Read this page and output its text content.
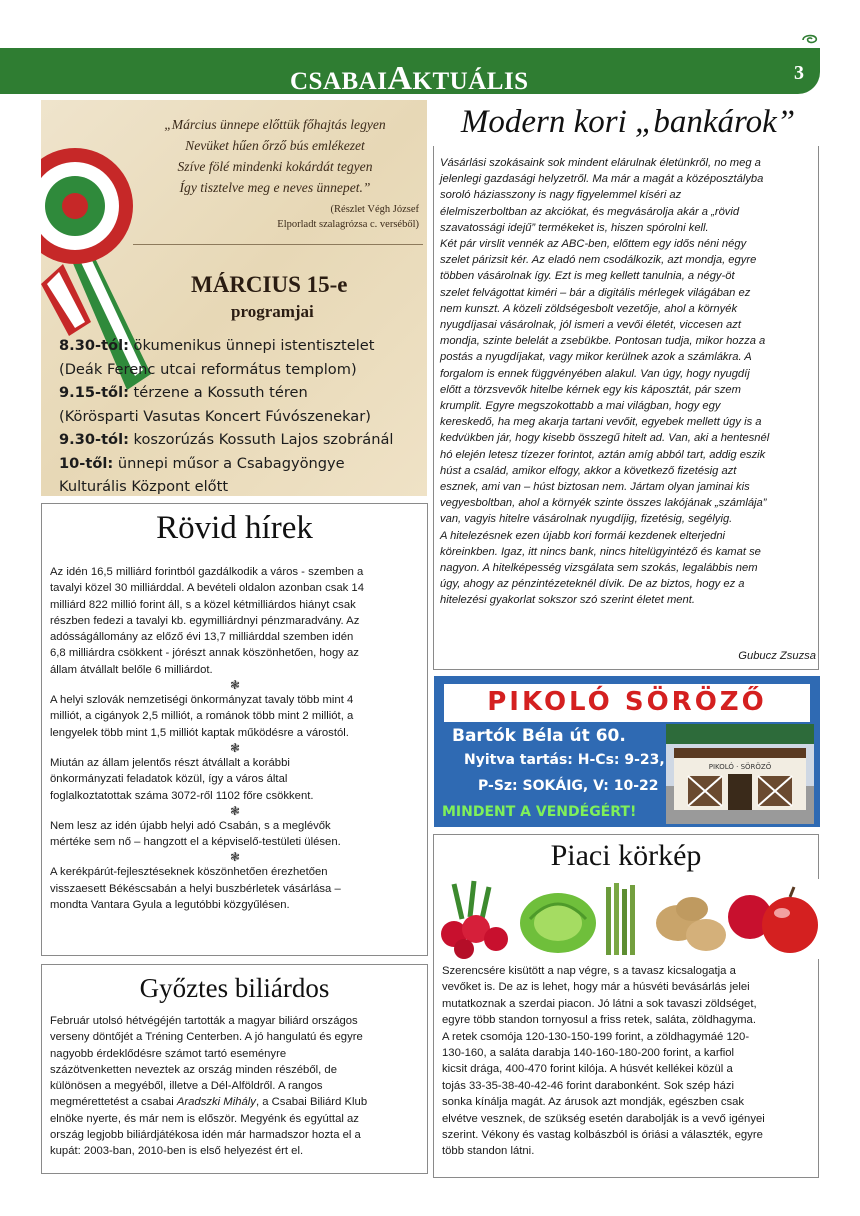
CSABAIAKTUÁLIS	3
„Március ünnepe előttük főhajtás legyen
Nevüket hűen őrző bús emlékezet
Szíve fölé mindenki kokárdát tegyen
Így tisztelve meg e neves ünnepet.”
(Részlet Végh József
Elporladt szalagrózsa c. verséből)
MÁRCIUS 15-e
programjai
8.30-tól: ökumenikus ünnepi istentisztelet
(Deák Ferenc utcai református templom)
9.15-től: térzene a Kossuth téren
(Körösparti Vasutas Koncert Fúvószenekar)
9.30-tól: koszorúzás Kossuth Lajos szobránál
10-től: ünnepi műsor a Csabagyöngye
Kulturális Központ előtt
Rövid hírek
Az idén 16,5 milliárd forintból gazdálkodik a város - szemben a
tavalyi közel 30 milliárddal. A bevételi oldalon azonban csak 14
milliárd 822 millió forint áll, s a közel kétmilliárdos hiányt csak
részben fedezi a tavalyi kb. egymilliárdnyi pénzmaradvány. Az
adósságállomány az előző évi 13,7 milliárddal szemben idén
6,8 milliárdra csökkent - jórészt annak köszönhetően, hogy az
állam átvállalt belőle 6 milliárdot.
❃
A helyi szlovák nemzetiségi önkormányzat tavaly több mint 4
milliót, a cigányok 2,5 milliót, a románok több mint 2 milliót, a
lengyelek több mint 1,5 milliót kaptak működésre a várostól.
❃
Miután az állam jelentős részt átvállalt a korábbi
önkormányzati feladatok közül, így a város által
foglalkoztatottak száma 3072-ről 1102 főre csökkent.
❃
Nem lesz az idén újabb helyi adó Csabán, s a meglévők
mértéke sem nő – hangzott el a képviselő-testületi ülésen.
❃
A kerékpárút-fejlesztéseknek köszönhetően érezhetően
visszaesett Békéscsabán a helyi buszbérletek vásárlása –
mondta Vantara Gyula a legutóbbi közgyűlésen.
Győztes biliárdos
Február utolsó hétvégéjén tartották a magyar biliárd országos
verseny döntőjét a Tréning Centerben. A jó hangulatú és egyre
nagyobb érdeklődésre számot tartó eseményre
százötvenketten neveztek az ország minden részéből, de
különösen a megyéből, illetve a Dél-Alföldről. A rangos
megmérettetést a csabai Aradszki Mihály, a Csabai Biliárd Klub
elnöke nyerte, és már nem is először. Megyénk és egyúttal az
ország legjobb biliárdjátékosa idén már harmadszor hozta el a
kupát: 2003-ban, 2010-ben is első helyezést ért el.
Modern kori „bankárok”
Vásárlási szokásaink sok mindent elárulnak életünkről, no meg a
jelenlegi gazdasági helyzetről. Ma már a magát a középosztályba
soroló háziasszony is nagy figyelemmel kíséri az
élelmiszerboltban az akciókat, és megvásárolja akár a „rövid
szavatossági idejű” termékeket is, hiszen spórolni kell.
Két pár virslit vennék az ABC-ben, előttem egy idős néni négy
szelet párizsit kér. Az eladó nem csodálkozik, azt mondja, egyre
többen vásárolnak így. Ezt is meg kellett tanulnia, a négy-öt
szelet felvágottat kiméri – bár a digitális mérlegek világában ez
nem kunszt. A közeli zöldségesbolt vezetője, ahol a környék
nyugdíjasai vásárolnak, jól ismeri a vevői életét, viccesen azt
mondja, szinte belelát a zsebükbe. Pontosan tudja, mikor hozza a
postás a nyugdíjakat, vagy mikor kerülnek azok a számlákra. A
forgalom is ennek függvényében alakul. Van úgy, hogy nyugdíj
előtt a törzsvevők hitelbe kérnek egy kis káposztát, pár szem
krumplit. Egyre megszokottabb a mai világban, hogy egy
kereskedő, ha meg akarja tartani vevőit, egyebek mellett úgy is a
kedvükben jár, hogy kisebb összegű hitelt ad. Van, aki a hentesnél
hó elején letesz tízezer forintot, aztán amíg abból tart, addig eszik
húst a család, amikor elfogy, akkor a következő fizetésig azt
esznek, ami van – húst biztosan nem. Jártam olyan jaminai kis
vegyesboltban, ahol a környék szinte összes lakójának „számlája”
van, vagyis hitelre vásárolnak nyugdíjig, fizetésig, segélyig.
A hitelezésnek ezen újabb kori formái kezdenek elterjedni
köreinkben. Igaz, itt nincs bank, nincs hitelügyintéző és kamat se
nagyon. A hitelképesség vizsgálata sem szokás, legalábbis nem
úgy, ahogy az pénzintézeteknél dívik. De az biztos, hogy ez a
hitelezési gyakorlat sokszor szó szerint életet ment.
Gubucz Zsuzsa
PIKOLÓ SÖRÖZŐ
Bartók Béla út 60.
Nyitva tartás: H-Cs: 9-23,
P-Sz: SOKÁIG, V: 10-22
MINDENT A VENDÉGÉRT!
PIKOLÓ · SÖRÖZŐ
Piaci körkép
Szerencsére kisütött a nap végre, s a tavasz kicsalogatja a
vevőket is. De az is lehet, hogy már a húsvéti bevásárlás jelei
mutatkoznak a szerdai piacon. Jó látni a sok tavaszi zöldséget,
egyre több standon tornyosul a friss retek, saláta, zöldhagyma.
A retek csomója 120-130-150-199 forint, a zöldhagymáé 120-
130-160, a saláta darabja 140-160-180-200 forint, a karfiol
kicsit drága, 400-470 forint kilója. A húsvét kellékei közül a
tojás 33-35-38-40-42-46 forint darabonként. Sok szép házi
sonka kínálja magát. Az árusok azt mondják, egészben csak
elvétve vesznek, de szükség esetén darabolják is a vevő igényei
szerint. Vékony és vastag kolbászból is óriási a választék, egyre
több standon látni.
